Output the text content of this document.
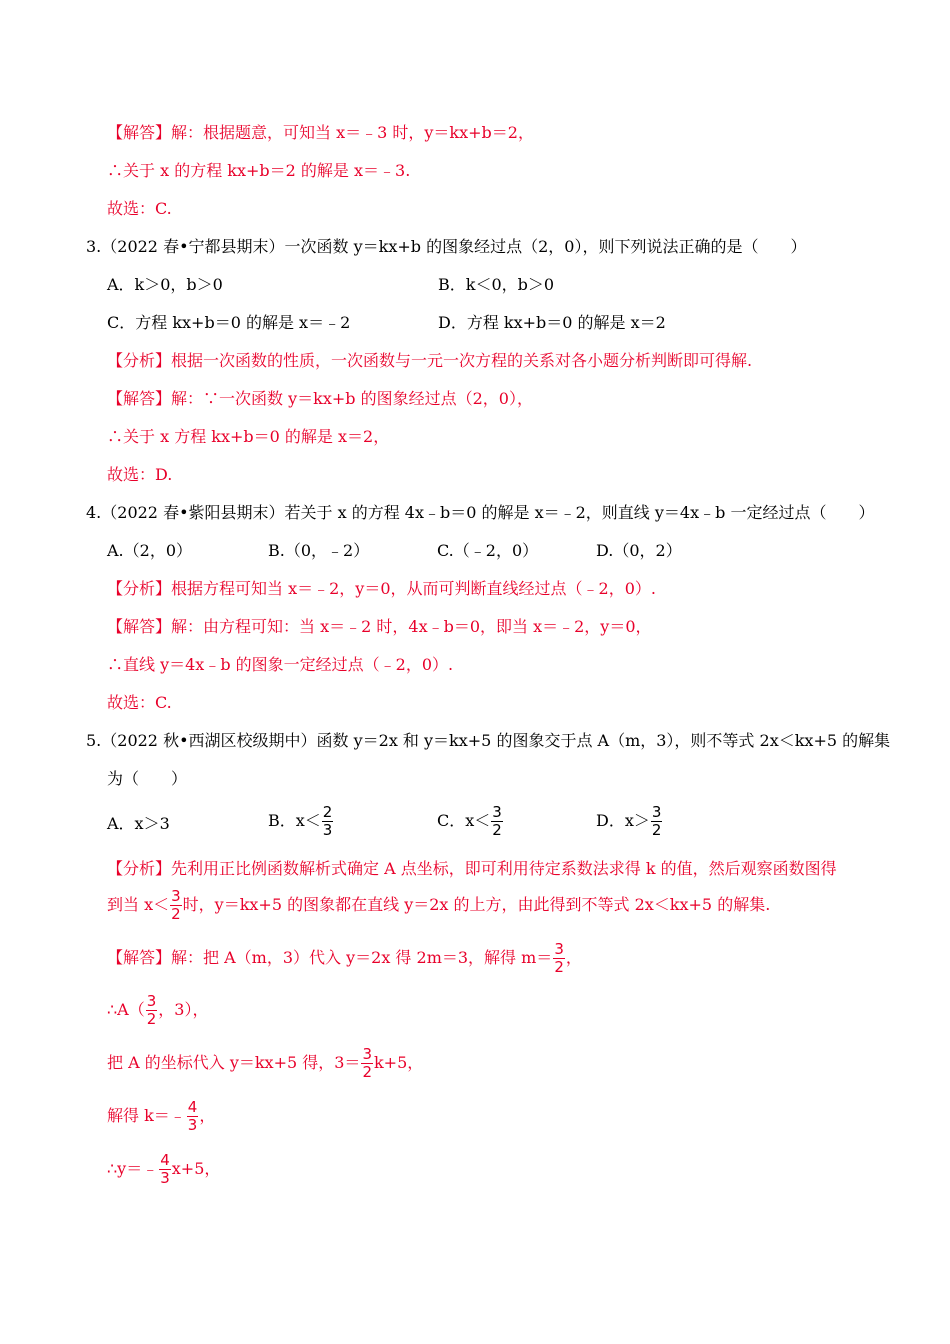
【解答】解：根据题意，可知当 x＝﹣3 时，y＝kx+b＝2，
∴关于 x 的方程 kx+b＝2 的解是 x＝﹣3.
故选：C.
3.（2022 春•宁都县期末）一次函数 y＝kx+b 的图象经过点（2，0），则下列说法正确的是（　　）
A．k＞0，b＞0	B．k＜0，b＞0
C．方程 kx+b＝0 的解是 x＝﹣2	D．方程 kx+b＝0 的解是 x＝2
【分析】根据一次函数的性质，一次函数与一元一次方程的关系对各小题分析判断即可得解.
【解答】解：∵一次函数 y＝kx+b 的图象经过点（2，0），
∴关于 x 方程 kx+b＝0 的解是 x＝2，
故选：D.
4.（2022 春•紫阳县期末）若关于 x 的方程 4x﹣b＝0 的解是 x＝﹣2，则直线 y＝4x﹣b 一定经过点（　　）
A.（2，0）	B.（0，﹣2）	C.（﹣2，0）	D.（0，2）
【分析】根据方程可知当 x＝﹣2，y＝0，从而可判断直线经过点（﹣2，0）.
【解答】解：由方程可知：当 x＝﹣2 时，4x﹣b＝0，即当 x＝﹣2，y＝0，
∴直线 y＝4x﹣b 的图象一定经过点（﹣2，0）.
故选：C.
5.（2022 秋•西湖区校级期中）函数 y＝2x 和 y＝kx+5 的图象交于点 A（m，3），则不等式 2x＜kx+5 的解集
为（　　）
A．x＞3	B．$x< \frac{2}{3}$	C．$x< \frac{3}{2}$	D．$x> \frac{3}{2}$
【分析】先利用正比例函数解析式确定 A 点坐标，即可利用待定系数法求得 k 的值，然后观察函数图得
到当 $x< \frac{3}{2}$ 时，y＝kx+5 的图象都在直线 y＝2x 的上方，由此得到不等式 2x＜kx+5 的解集.
【解答】解：把 A（m，3）代入 y＝2x 得 2m＝3，解得 $m= \frac{3}{2}$ ，
∴A（ $\frac{3}{2}$ ，3），
把 A 的坐标代入 y＝kx+5 得，$3= \frac{3}{2} k+5$，
解得 k＝﹣ $\frac{4}{3}$ ，
∴y＝﹣ $\frac{4}{3} x+5$，
